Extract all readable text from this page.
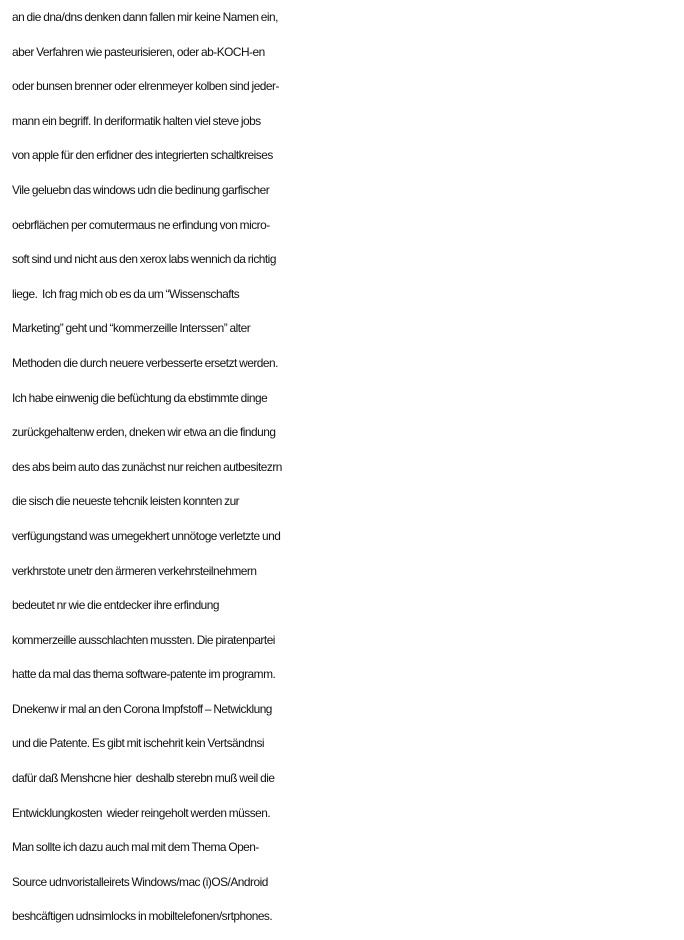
an die dna/dns denken dann fallen mir keine Namen ein,
aber Verfahren wie pasteurisieren, oder ab-KOCH-en
oder bunsen brenner oder elrenmeyer kolben sind jeder-
mann ein begriff. In deriformatik halten viel steve jobs
von apple für den erfidner des integrierten schaltkreises
Vile geluebn das windows udn die bedinung garfischer
oebrflächen per comutermaus ne erfindung von micro-
soft sind und nicht aus den xerox labs wennich da richtig
liege.  Ich frag mich ob es da um “Wissenschafts
Marketing” geht und “kommerzeille Interssen” alter
Methoden die durch neuere verbesserte ersetzt werden.
Ich habe einwenig die befüchtung da ebstimmte dinge
zurückgehaltenw erden, dneken wir etwa an die findung
des abs beim auto das zunächst nur reichen autbesitezrn
die sisch die neueste tehcnik leisten konnten zur
verfügungstand was umegekhert unnötoge verletzte und
verkhrstote unetr den ärmeren verkehrsteilnehmern
bedeutet nr wie die entdecker ihre erfindung
kommerzeille ausschlachten mussten. Die piratenpartei
hatte da mal das thema software-patente im programm.
Dnekenw ir mal an den Corona Impfstoff – Netwicklung
und die Patente. Es gibt mit ischehrit kein Vertsändnsi
dafür daß Menshcne hier  deshalb sterebn muß weil die
Entwicklungkosten  wieder reingeholt werden müssen.
Man sollte ich dazu auch mal mit dem Thema Open-
Source udnvoristalleirets Windows/mac (i)OS/Android
beshcäftigen udnsimlocks in mobiltelefonen/srtphones.
